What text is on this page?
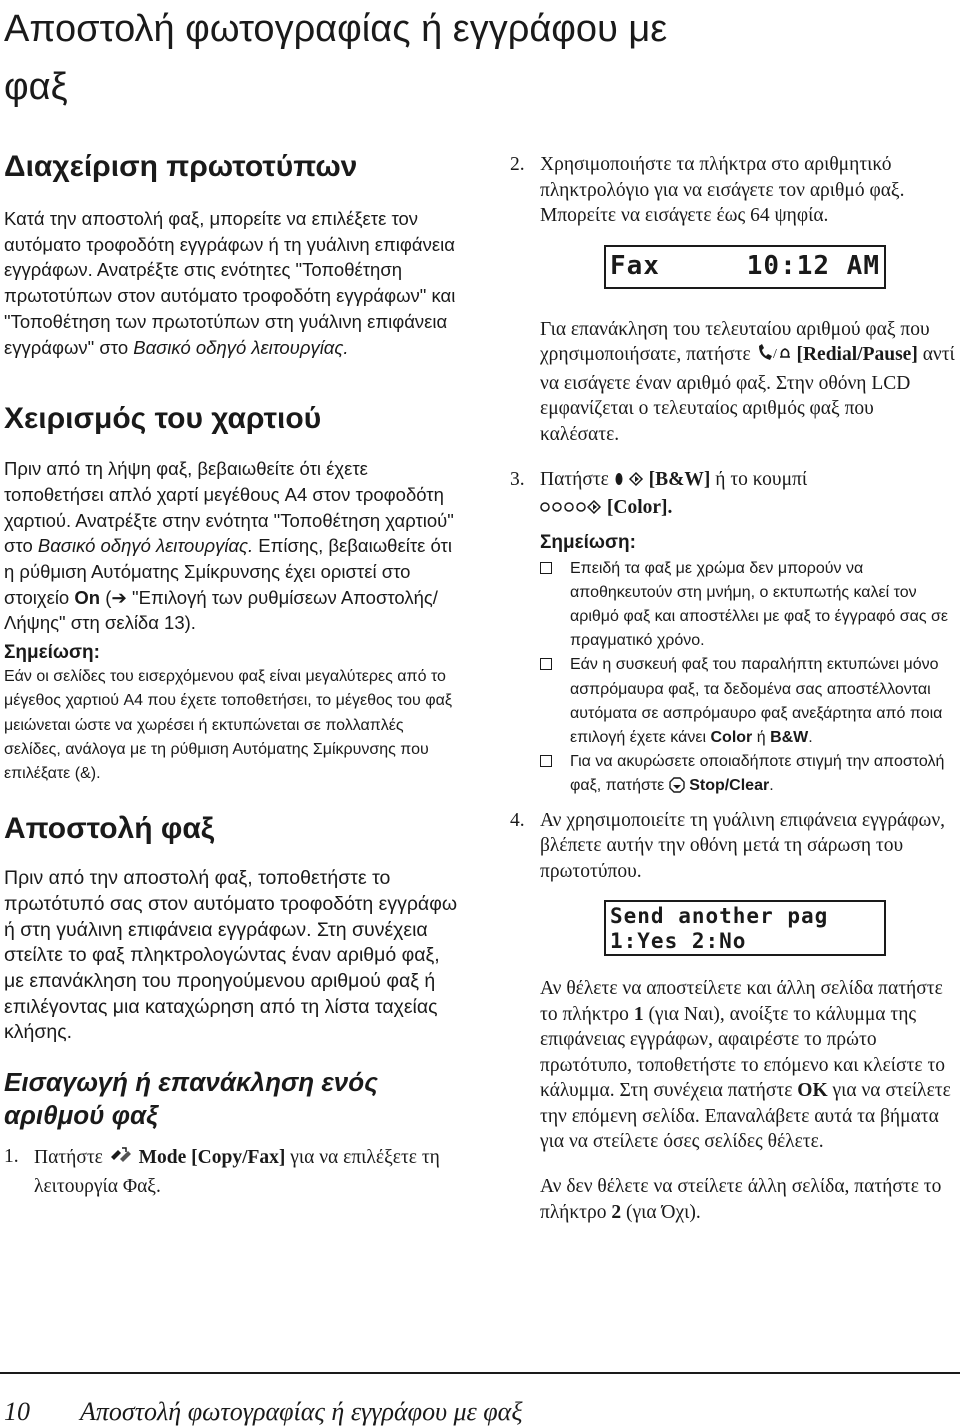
Αποστολή φωτογραφίας ή εγγράφου με
φαξ
Διαχείριση πρωτοτύπων

Κατά την αποστολή φαξ, μπορείτε να επιλέξετε τον αυτόματο τροφοδότη εγγράφων ή τη γυάλινη επιφάνεια εγγράφων. Ανατρέξτε στις ενότητες "Τοποθέτηση πρωτοτύπων στον αυτόματο τροφοδότη εγγράφων" και "Τοποθέτηση των πρωτοτύπων στη γυάλινη επιφάνεια εγγράφων" στο Βασικό οδηγό λειτουργίας.

Χειρισμός του χαρτιού

Πριν από τη λήψη φαξ, βεβαιωθείτε ότι έχετε τοποθετήσει απλό χαρτί μεγέθους A4 στον τροφοδότη χαρτιού. Ανατρέξτε στην ενότητα "Τοποθέτηση χαρτιού" στο Βασικό οδηγό λειτουργίας. Επίσης, βεβαιωθείτε ότι η ρύθμιση Αυτόματης Σμίκρυνσης έχει οριστεί στο στοιχείο On (➔ "Επιλογή των ρυθμίσεων Αποστολής/Λήψης" στη σελίδα 13).

Σημείωση:

Εάν οι σελίδες του εισερχόμενου φαξ είναι μεγαλύτερες από το μέγεθος χαρτιού A4 που έχετε τοποθετήσει, το μέγεθος του φαξ μειώνεται ώστε να χωρέσει ή εκτυπώνεται σε πολλαπλές σελίδες, ανάλογα με τη ρύθμιση Αυτόματης Σμίκρυνσης που επιλέξατε (&).

Αποστολή φαξ

Πριν από την αποστολή φαξ, τοποθετήστε το πρωτότυπό σας στον αυτόματο τροφοδότη εγγράφω ή στη γυάλινη επιφάνεια εγγράφων. Στη συνέχεια στείλτε το φαξ πληκτρολογώντας έναν αριθμό φαξ, με επανάκληση του προηγούμενου αριθμού φαξ ή επιλέγοντας μια καταχώρηση από τη λίστα ταχείας κλήσης.

Εισαγωγή ή επανάκληση ενός αριθμού φαξ

1. Πατήστε  Mode [Copy/Fax] για να επιλέξετε τη λειτουργία Φαξ.

2. Χρησιμοποιήστε τα πλήκτρα στο αριθμητικό πληκτρολόγιο για να εισάγετε τον αριθμό φαξ. Μπορείτε να εισάγετε έως 64 ψηφία.

Fax	10:12 AM

Για επανάκληση του τελευταίου αριθμού φαξ που χρησιμοποιήσατε, πατήστε / [Redial/Pause] αντί να εισάγετε έναν αριθμό φαξ. Στην οθόνη LCD εμφανίζεται ο τελευταίος αριθμός φαξ που καλέσατε.

3. Πατήστε  [B&W] ή το κουμπί
[Color].

Σημείωση:

Επειδή τα φαξ με χρώμα δεν μπορούν να αποθηκευτούν στη μνήμη, ο εκτυπωτής καλεί τον αριθμό φαξ και αποστέλλει με φαξ το έγγραφό σας σε πραγματικό χρόνο.
Εάν η συσκευή φαξ του παραλήπτη εκτυπώνει μόνο ασπρόμαυρα φαξ, τα δεδομένα σας αποστέλλονται αυτόματα σε ασπρόμαυρο φαξ ανεξάρτητα από ποια επιλογή έχετε κάνει Color ή B&W.
Για να ακυρώσετε οποιαδήποτε στιγμή την αποστολή φαξ, πατήστε  Stop/Clear.

4. Αν χρησιμοποιείτε τη γυάλινη επιφάνεια εγγράφων, βλέπετε αυτήν την οθόνη μετά τη σάρωση του πρωτοτύπου.

Send another pag
1:Yes 2:No

Αν θέλετε να αποστείλετε και άλλη σελίδα πατήστε το πλήκτρο 1 (για Ναι), ανοίξτε το κάλυμμα της επιφάνειας εγγράφων, αφαιρέστε το πρώτο πρωτότυπο, τοποθετήστε το επόμενο και κλείστε το κάλυμμα. Στη συνέχεια πατήστε OK για να στείλετε την επόμενη σελίδα. Επαναλάβετε αυτά τα βήματα για να στείλετε όσες σελίδες θέλετε.

Αν δεν θέλετε να στείλετε άλλη σελίδα, πατήστε το πλήκτρο 2 (για Όχι).

10 Αποστολή φωτογραφίας ή εγγράφου με φαξ
